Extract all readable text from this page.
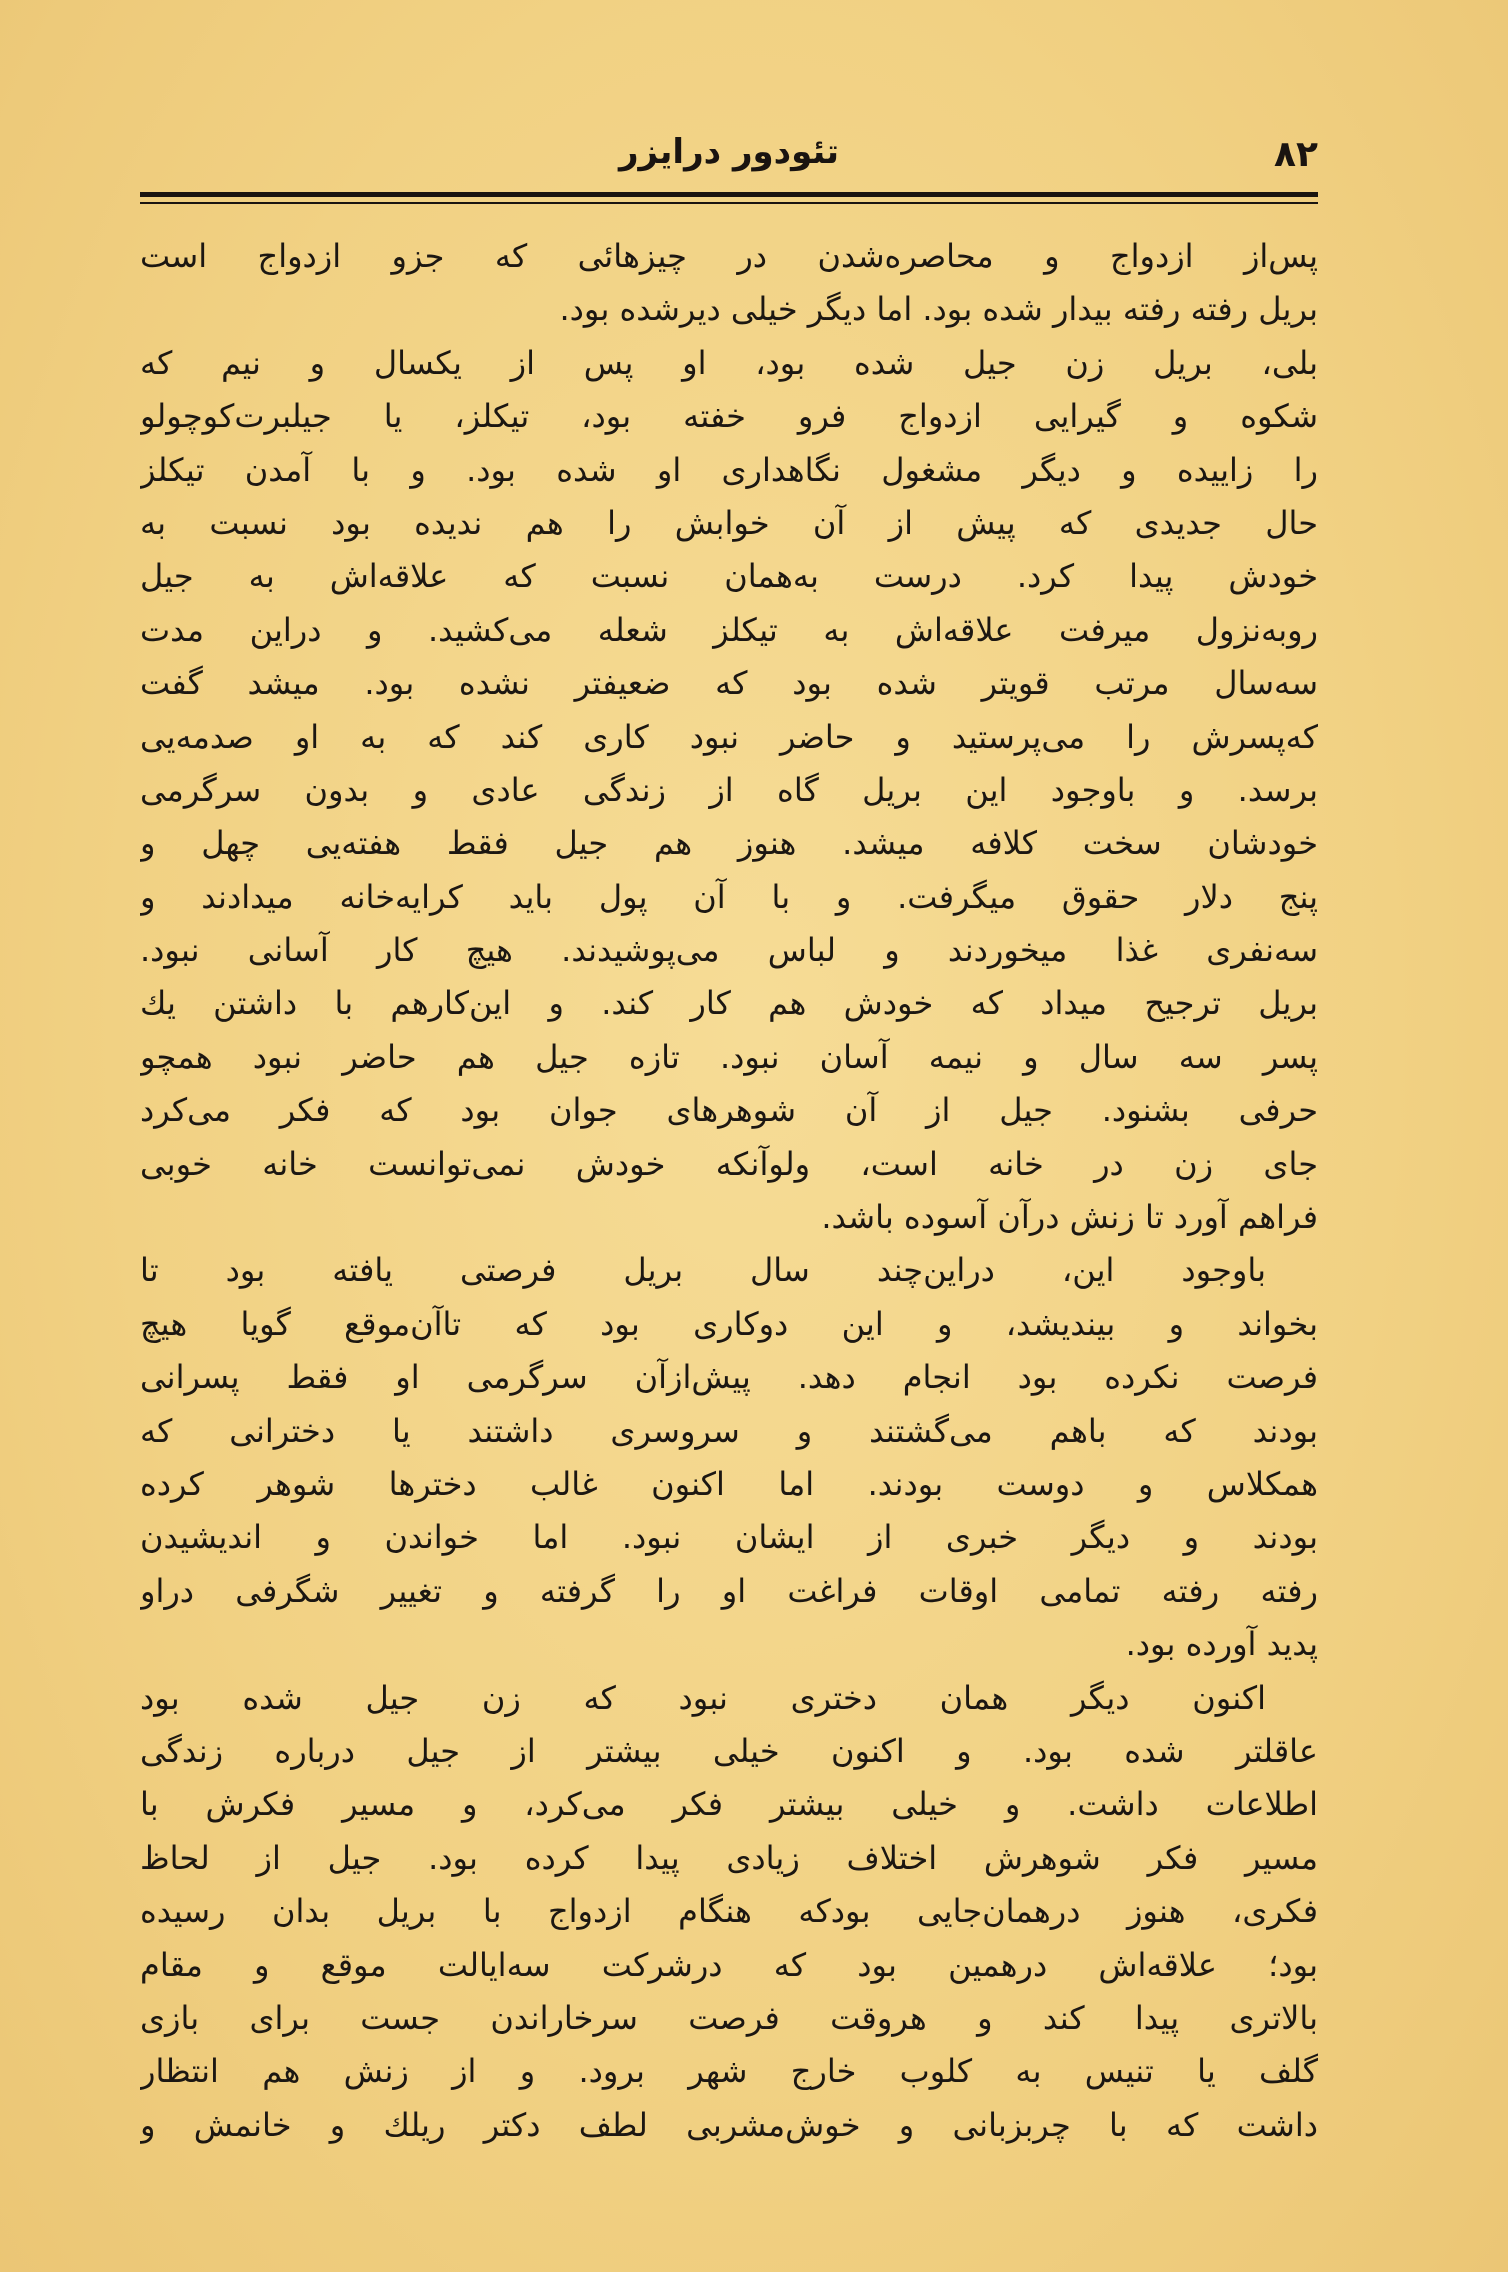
۸۲
تئودور درایزر
پس‌از ازدواج و محاصره‌شدن در چیزهائی که جزو ازدواج است
بریل رفته رفته بیدار شده بود. اما دیگر خیلی دیرشده بود.
بلی، بریل زن جیل شده بود، او پس از یکسال و نیم که
شکوه و گیرایی ازدواج فرو خفته بود، تیکلز، یا جیلبرت‌کوچولو
را زاییده و دیگر مشغول نگاهداری او شده بود. و با آمدن تیکلز
حال جدیدی که پیش از آن خوابش را هم ندیده بود نسبت به
خودش پیدا کرد. درست به‌همان نسبت که علاقه‌اش به جیل
روبه‌نزول میرفت علاقه‌اش به تیکلز شعله می‌کشید. و دراین مدت
سه‌سال مرتب قویتر شده بود که ضعیفتر نشده بود. میشد گفت
که‌پسرش را می‌پرستید و حاضر نبود کاری کند که به او صدمه‌یی
برسد. و باوجود این بریل گاه از زندگی عادی و بدون سرگرمی
خودشان سخت کلافه میشد. هنوز هم جیل فقط هفته‌یی چهل و
پنج دلار حقوق میگرفت. و با آن پول باید کرایه‌خانه میدادند و
سه‌نفری غذا میخوردند و لباس می‌پوشیدند. هیچ کار آسانی نبود.
بریل ترجیح میداد که خودش هم کار کند. و این‌کارهم با داشتن یك
پسر سه سال و نیمه آسان نبود. تازه جیل هم حاضر نبود همچو
حرفی بشنود. جیل از آن شوهرهای جوان بود که فکر می‌کرد
جای زن در خانه است، ولو‌آنکه خودش نمی‌توانست خانه خوبی
فراهم آورد تا زنش درآن آسوده باشد.
باوجود این، دراین‌چند سال بریل فرصتی یافته بود تا
بخواند و بیندیشد، و این دوکاری بود که تاآن‌موقع گویا هیچ
فرصت نکرده بود انجام دهد. پیش‌ازآن سرگرمی او فقط پسرانی
بودند که باهم می‌گشتند و سروسری داشتند یا دخترانی که
همکلاس و دوست بودند. اما اکنون غالب دخترها شوهر کرده
بودند و دیگر خبری از ایشان نبود. اما خواندن و اندیشیدن
رفته رفته تمامی اوقات فراغت او را گرفته و تغییر شگرفی دراو
پدید آورده بود.
اکنون دیگر همان دختری نبود که زن جیل شده بود
عاقلتر شده بود. و اکنون خیلی بیشتر از جیل درباره زندگی
اطلاعات داشت. و خیلی بیشتر فکر می‌کرد، و مسیر فکرش با
مسیر فکر شوهرش اختلاف زیادی پیدا کرده بود. جیل از لحاظ
فکری، هنوز درهمان‌جایی بودکه هنگام ازدواج با بریل بدان رسیده
بود؛ علاقه‌اش درهمین بود که درشرکت سه‌ایالت موقع و مقام
بالاتری پیدا کند و هروقت فرصت سرخاراندن جست برای بازی
گلف یا تنیس به کلوب خارج شهر برود. و از زنش هم انتظار
داشت که با چربزبانی و خوش‌مشربی لطف دکتر ریلك و خانمش و
